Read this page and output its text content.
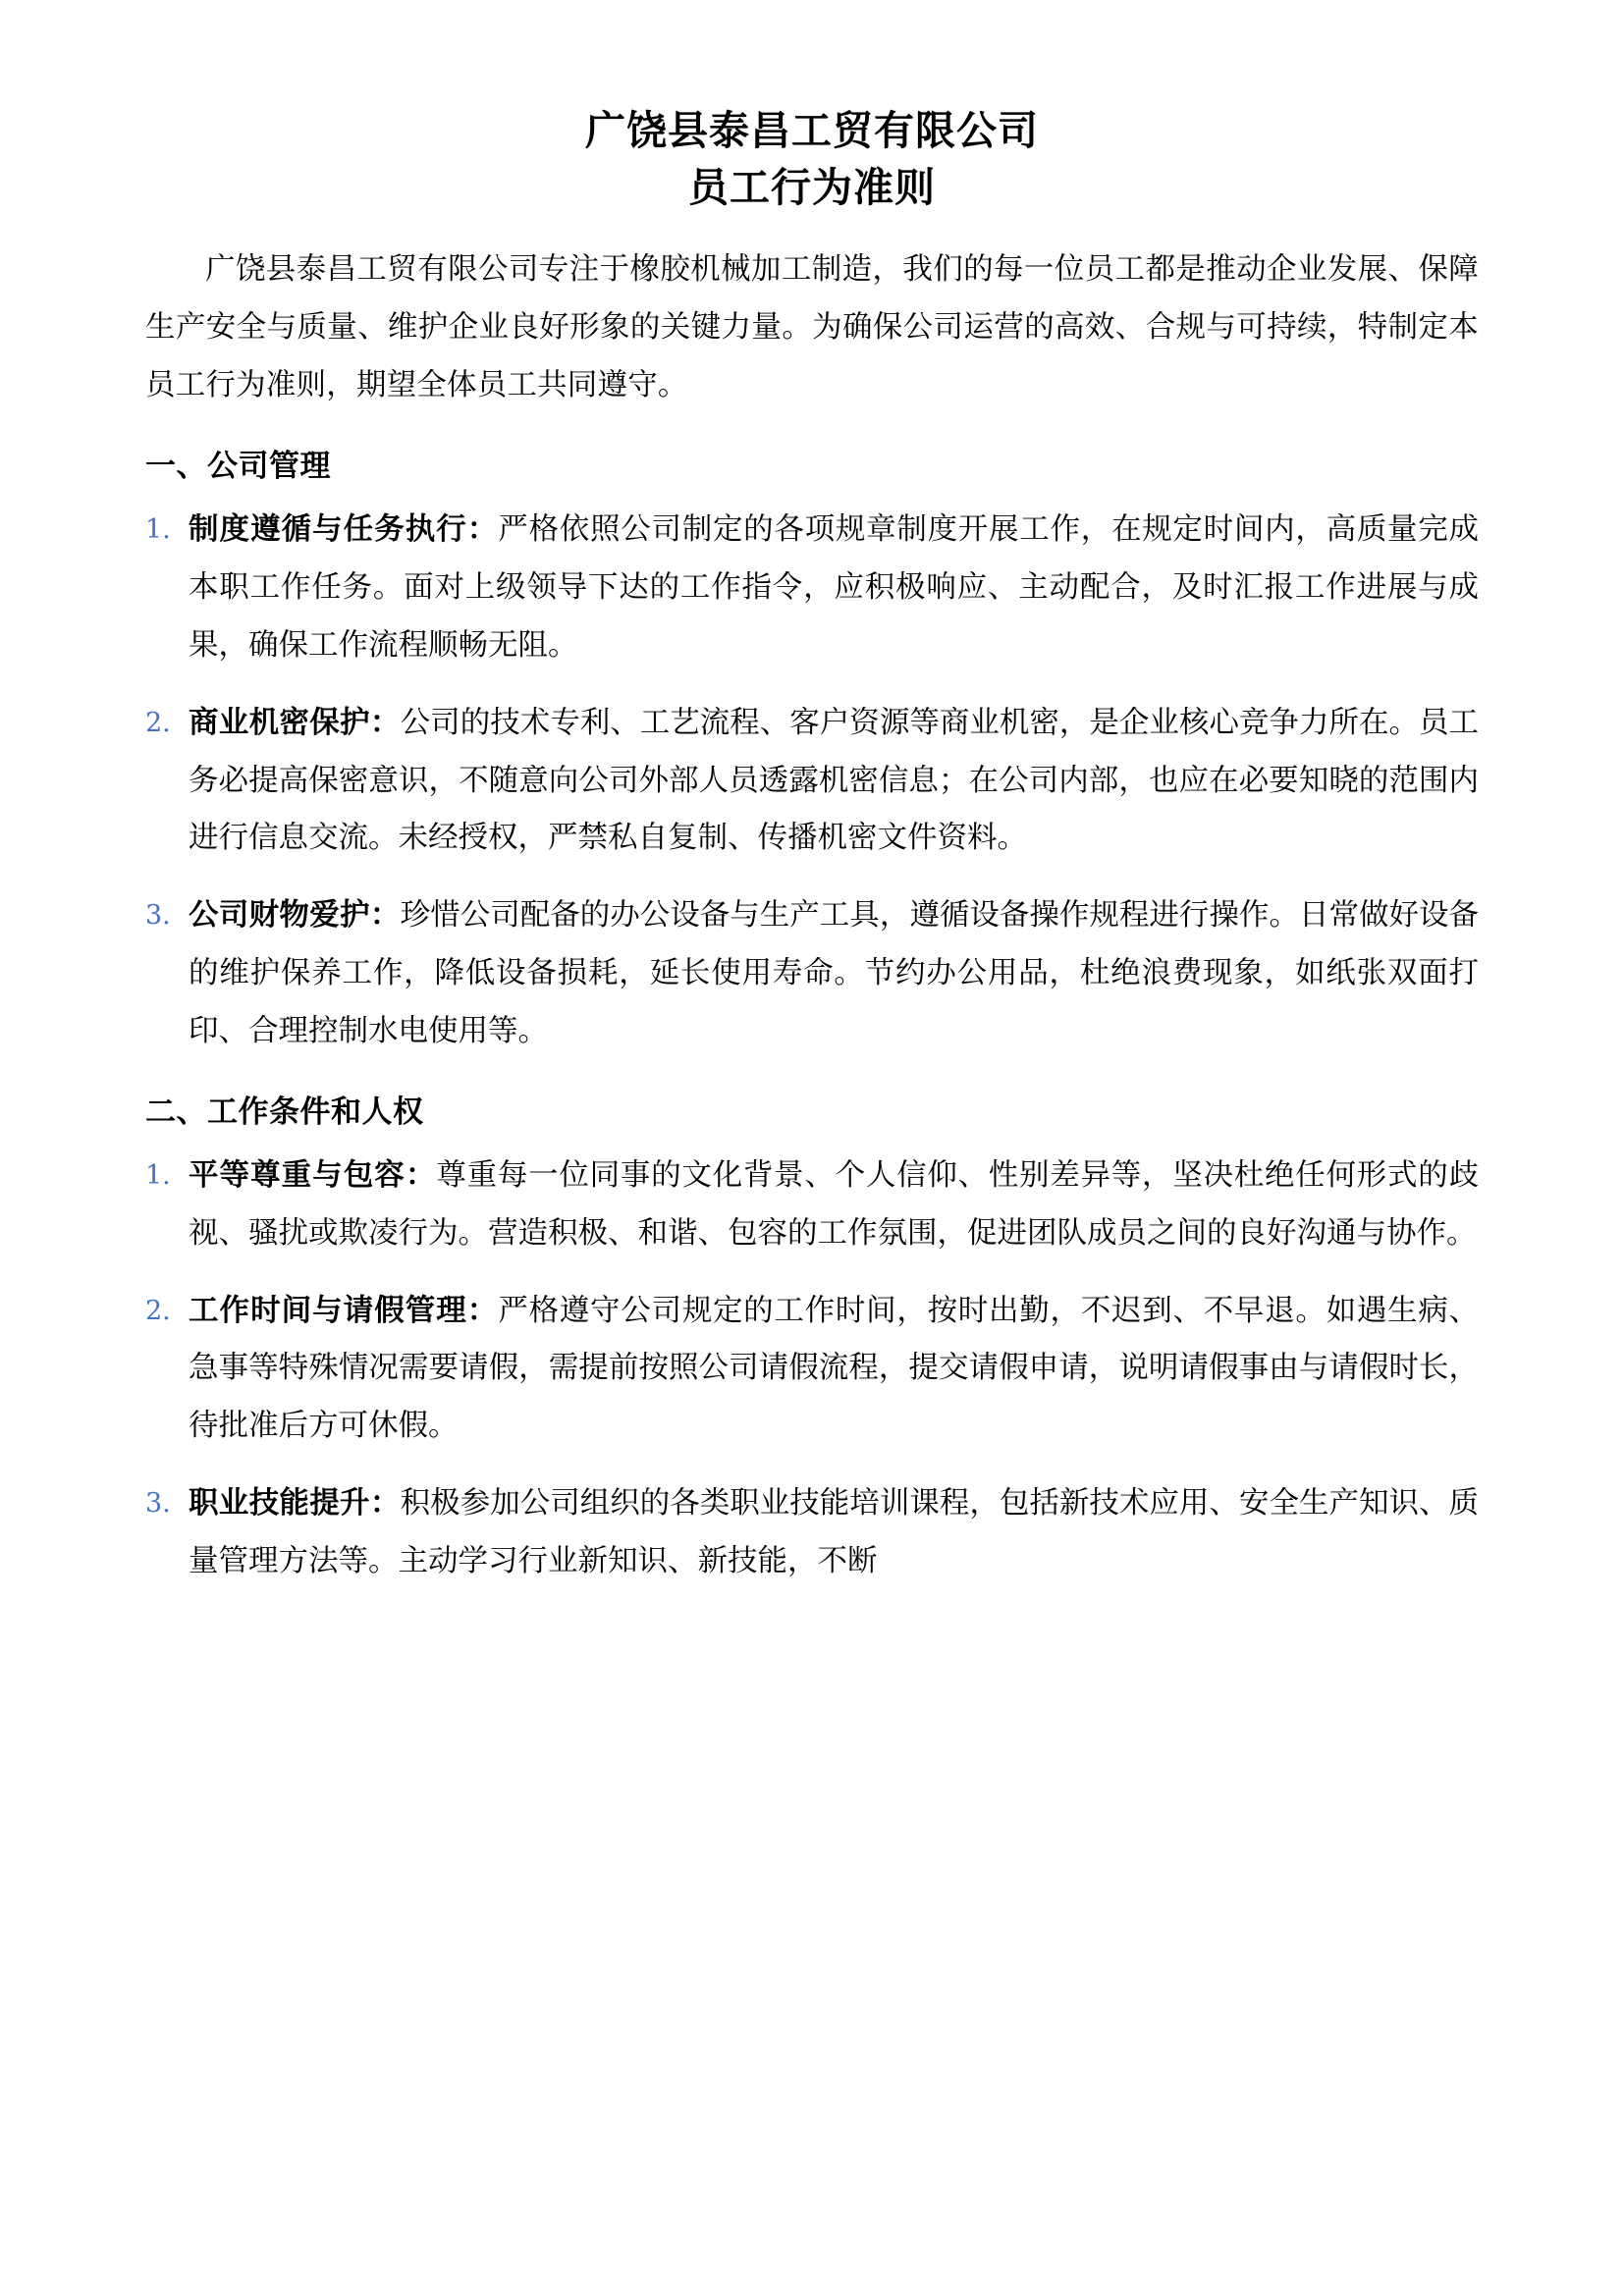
广饶县泰昌工贸有限公司
员工行为准则

广饶县泰昌工贸有限公司专注于橡胶机械加工制造，我们的每一位员工都是推动企业发展、保障生产安全与质量、维护企业良好形象的关键力量。为确保公司运营的高效、合规与可持续，特制定本员工行为准则，期望全体员工共同遵守。

一、公司管理
1. 制度遵循与任务执行：严格依照公司制定的各项规章制度开展工作，在规定时间内，高质量完成本职工作任务。面对上级领导下达的工作指令，应积极响应、主动配合，及时汇报工作进展与成果，确保工作流程顺畅无阻。
2. 商业机密保护：公司的技术专利、工艺流程、客户资源等商业机密，是企业核心竞争力所在。员工务必提高保密意识，不随意向公司外部人员透露机密信息；在公司内部，也应在必要知晓的范围内进行信息交流。未经授权，严禁私自复制、传播机密文件资料。
3. 公司财物爱护：珍惜公司配备的办公设备与生产工具，遵循设备操作规程进行操作。日常做好设备的维护保养工作，降低设备损耗，延长使用寿命。节约办公用品，杜绝浪费现象，如纸张双面打印、合理控制水电使用等。
二、工作条件和人权
1. 平等尊重与包容：尊重每一位同事的文化背景、个人信仰、性别差异等，坚决杜绝任何形式的歧视、骚扰或欺凌行为。营造积极、和谐、包容的工作氛围，促进团队成员之间的良好沟通与协作。
2. 工作时间与请假管理：严格遵守公司规定的工作时间，按时出勤，不迟到、不早退。如遇生病、急事等特殊情况需要请假，需提前按照公司请假流程，提交请假申请，说明请假事由与请假时长，待批准后方可休假。
3. 职业技能提升：积极参加公司组织的各类职业技能培训课程，包括新技术应用、安全生产知识、质量管理方法等。主动学习行业新知识、新技能，不断
